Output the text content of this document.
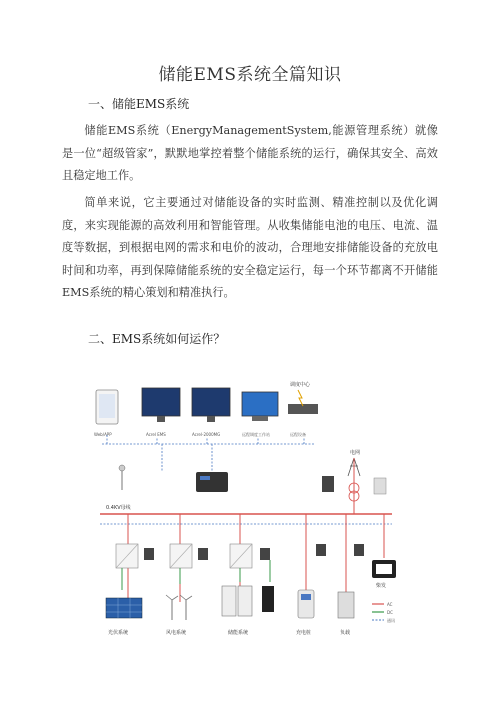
储能EMS系统全篇知识
一、储能EMS系统

储能EMS系统（EnergyManagementSystem,能源管理系统）就像是一位“超级管家”，默默地掌控着整个储能系统的运行，确保其安全、高效且稳定地工作。

简单来说，它主要通过对储能设备的实时监测、精准控制以及优化调度，来实现能源的高效利用和智能管理。从收集储能电池的电压、电流、温度等数据，到根据电网的需求和电价的波动，合理地安排储能设备的充放电时间和功率，再到保障储能系统的安全稳定运行，每一个环节都离不开储能EMS系统的精心策划和精准执行。

二、EMS系统如何运作？
调度中心
Web/APP	Acrel EMS	Acrel-2000MG	远程调度工作站	远程设备
电网
0.4KV母线
光伏系统	风电系统	储能系统	充电桩	负载
柴发
AC
DC
通讯
